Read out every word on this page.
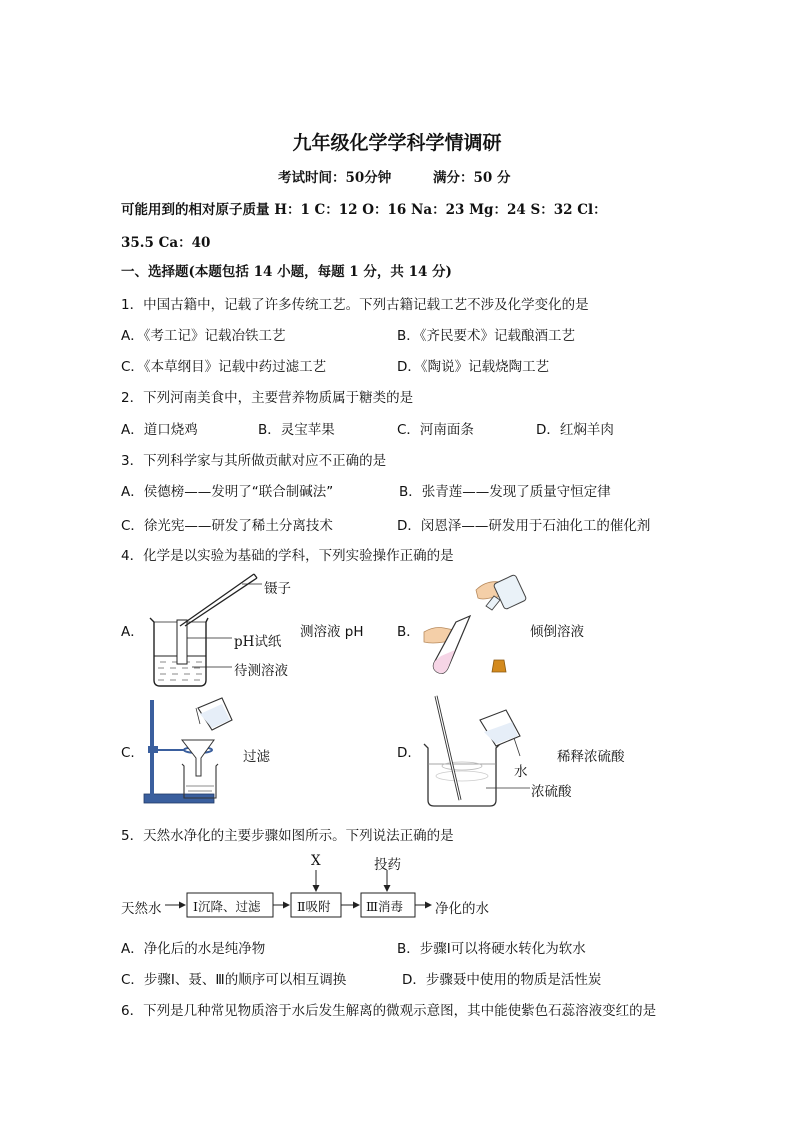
九年级化学学科学情调研
考试时间：50分钟	满分：50 分
可能用到的相对原子质量 H：1 C：12 O：16 Na：23 Mg：24 S：32 Cl：
35.5 Ca：40
一、选择题(本题包括 14 小题，每题 1 分，共 14 分)
1．中国古籍中，记载了许多传统工艺。下列古籍记载工艺不涉及化学变化的是
A．《考工记》记载冶铁工艺	B．《齐民要术》记载酿酒工艺
C．《本草纲目》记载中药过滤工艺	D．《陶说》记载烧陶工艺
2．下列河南美食中，主要营养物质属于糖类的是
A．道口烧鸡	B．灵宝苹果	C．河南面条	D．红焖羊肉
3．下列科学家与其所做贡献对应不正确的是
A．侯德榜——发明了“联合制碱法”	B．张青莲——发现了质量守恒定律
C．徐光宪——研发了稀土分离技术	D．闵恩泽——研发用于石油化工的催化剂
4．化学是以实验为基础的学科，下列实验操作正确的是
A．
镊子
pH试纸
待测溶液
测溶液 pH B．	倾倒溶液
C.	过滤	D.
水
浓硫酸
稀释浓硫酸
5．天然水净化的主要步骤如图所示。下列说法正确的是
天然水	Ⅰ沉降、过滤	Ⅱ吸附	Ⅲ消毒 净化的水
X	投药
A．净化后的水是纯净物	B．步骤Ⅰ可以将硬水转化为软水
C．步骤Ⅰ、聂、Ⅲ的顺序可以相互调换	D．步骤聂中使用的物质是活性炭
6．下列是几种常见物质溶于水后发生解离的微观示意图，其中能使紫色石蕊溶液变红的是
